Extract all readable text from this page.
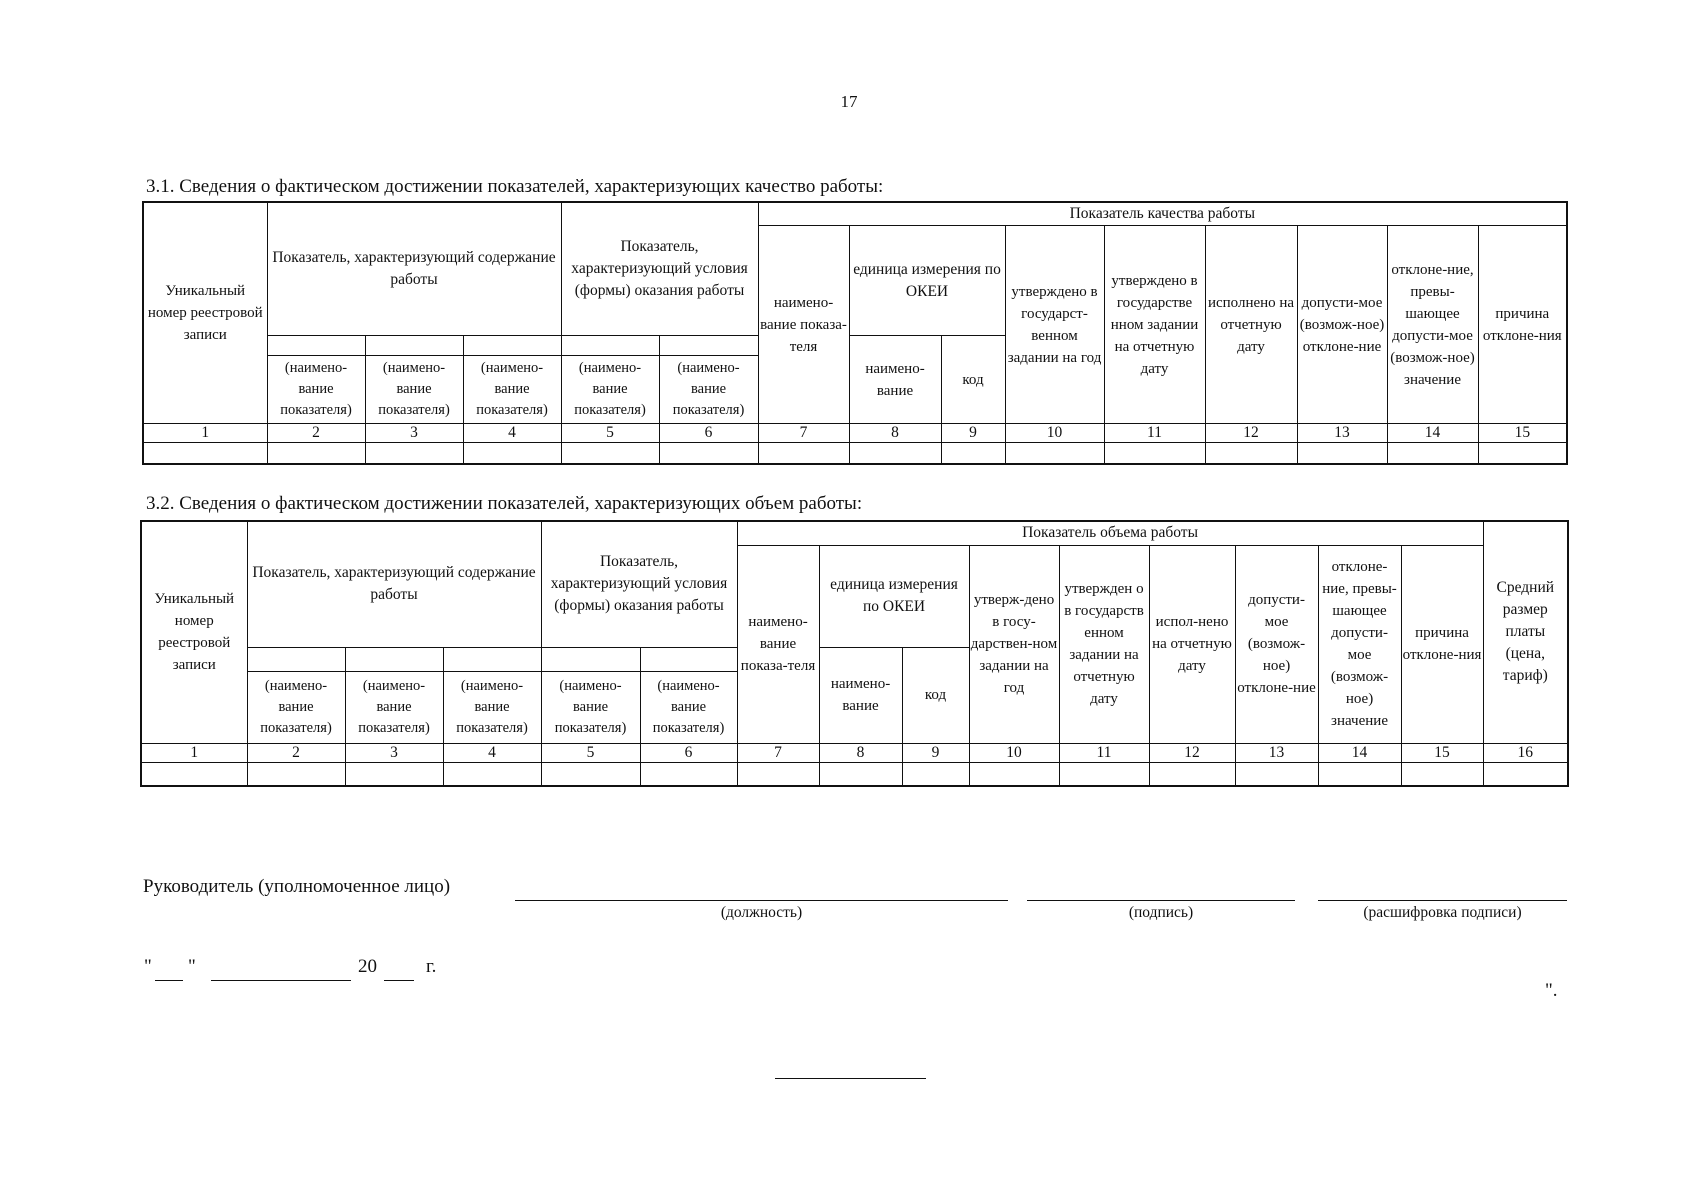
17
3.1. Сведения о фактическом достижении показателей, характеризующих качество работы:
Уникальный номер реестровой записи	Показатель, характеризующий содержание работы			Показатель, характеризующий условия (формы) оказания работы		Показатель качества работы								
						наимено-вание показа-теля	единица измерения по ОКЕИ		утверждено в государст-венном задании на год	утверждено в государстве нном задании на отчетную дату	исполнено на отчетную дату	допусти-мое (возмож-ное) отклоне-ние	отклоне-ние, превы-шающее допусти-мое (возмож-ное) значение	причина отклоне-ния
							наимено-вание	код						
	(наимено-вание показателя)	(наимено-вание показателя)	(наимено-вание показателя)	(наимено-вание показателя)	(наимено-вание показателя)									
1	2	3	4	5	6	7	8	9	10	11	12	13	14	15

3.2. Сведения о фактическом достижении показателей, характеризующих объем работы:
Уникальный номер реестровой записи	Показатель, характеризующий содержание работы			Показатель, характеризующий условия (формы) оказания работы		Показатель объема работы									Средний размер платы (цена, тариф)
						наимено-вание показа-теля	единица измерения по ОКЕИ		утверж-дено в госу-дарствен-ном задании на год	утвержден о в государств енном задании на отчетную дату	испол-нено на отчетную дату	допусти-мое (возмож-ное) отклоне-ние	отклоне-ние, превы-шающее допусти-мое (возмож-ное) значение	причина отклоне-ния	
							наимено-вание	код							
	(наимено-вание показателя)	(наимено-вание показателя)	(наимено-вание показателя)	(наимено-вание показателя)	(наимено-вание показателя)										
1	2	3	4	5	6	7	8	9	10	11	12	13	14	15	16

Руководитель (уполномоченное лицо)
(должность)	(подпись)	(расшифровка подписи)
" "	20	г.
".
